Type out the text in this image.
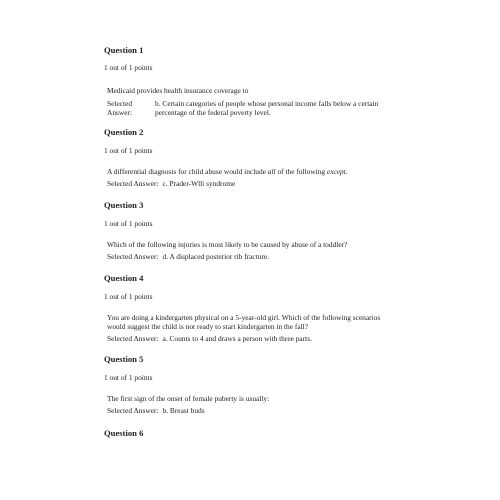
Question 1
1 out of 1 points
Medicaid provides health insurance coverage to
Selected
Answer:
b. Certain categories of people whose personal income falls below a certain percentage of the federal poverty level.
Question 2
1 out of 1 points
A differential diagnosis for child abuse would include all of the following except.
Selected Answer: c. Prader-Wlli syndrome
Question 3
1 out of 1 points
Which of the following injuries is most likely to be caused by abuse of a toddler?
Selected Answer: d. A displaced posterior rib fracture.
Question 4
1 out of 1 points
You are doing a kindergarten physical on a 5-year-old girl. Which of the following scenarios would suggest the child is not ready to start kindergarten in the fall?
Selected Answer: a. Counts to 4 and draws a person with three parts.
Question 5
1 out of 1 points
The first sign of the onset of female puberty is usually:
Selected Answer: b. Breast buds
Question 6
